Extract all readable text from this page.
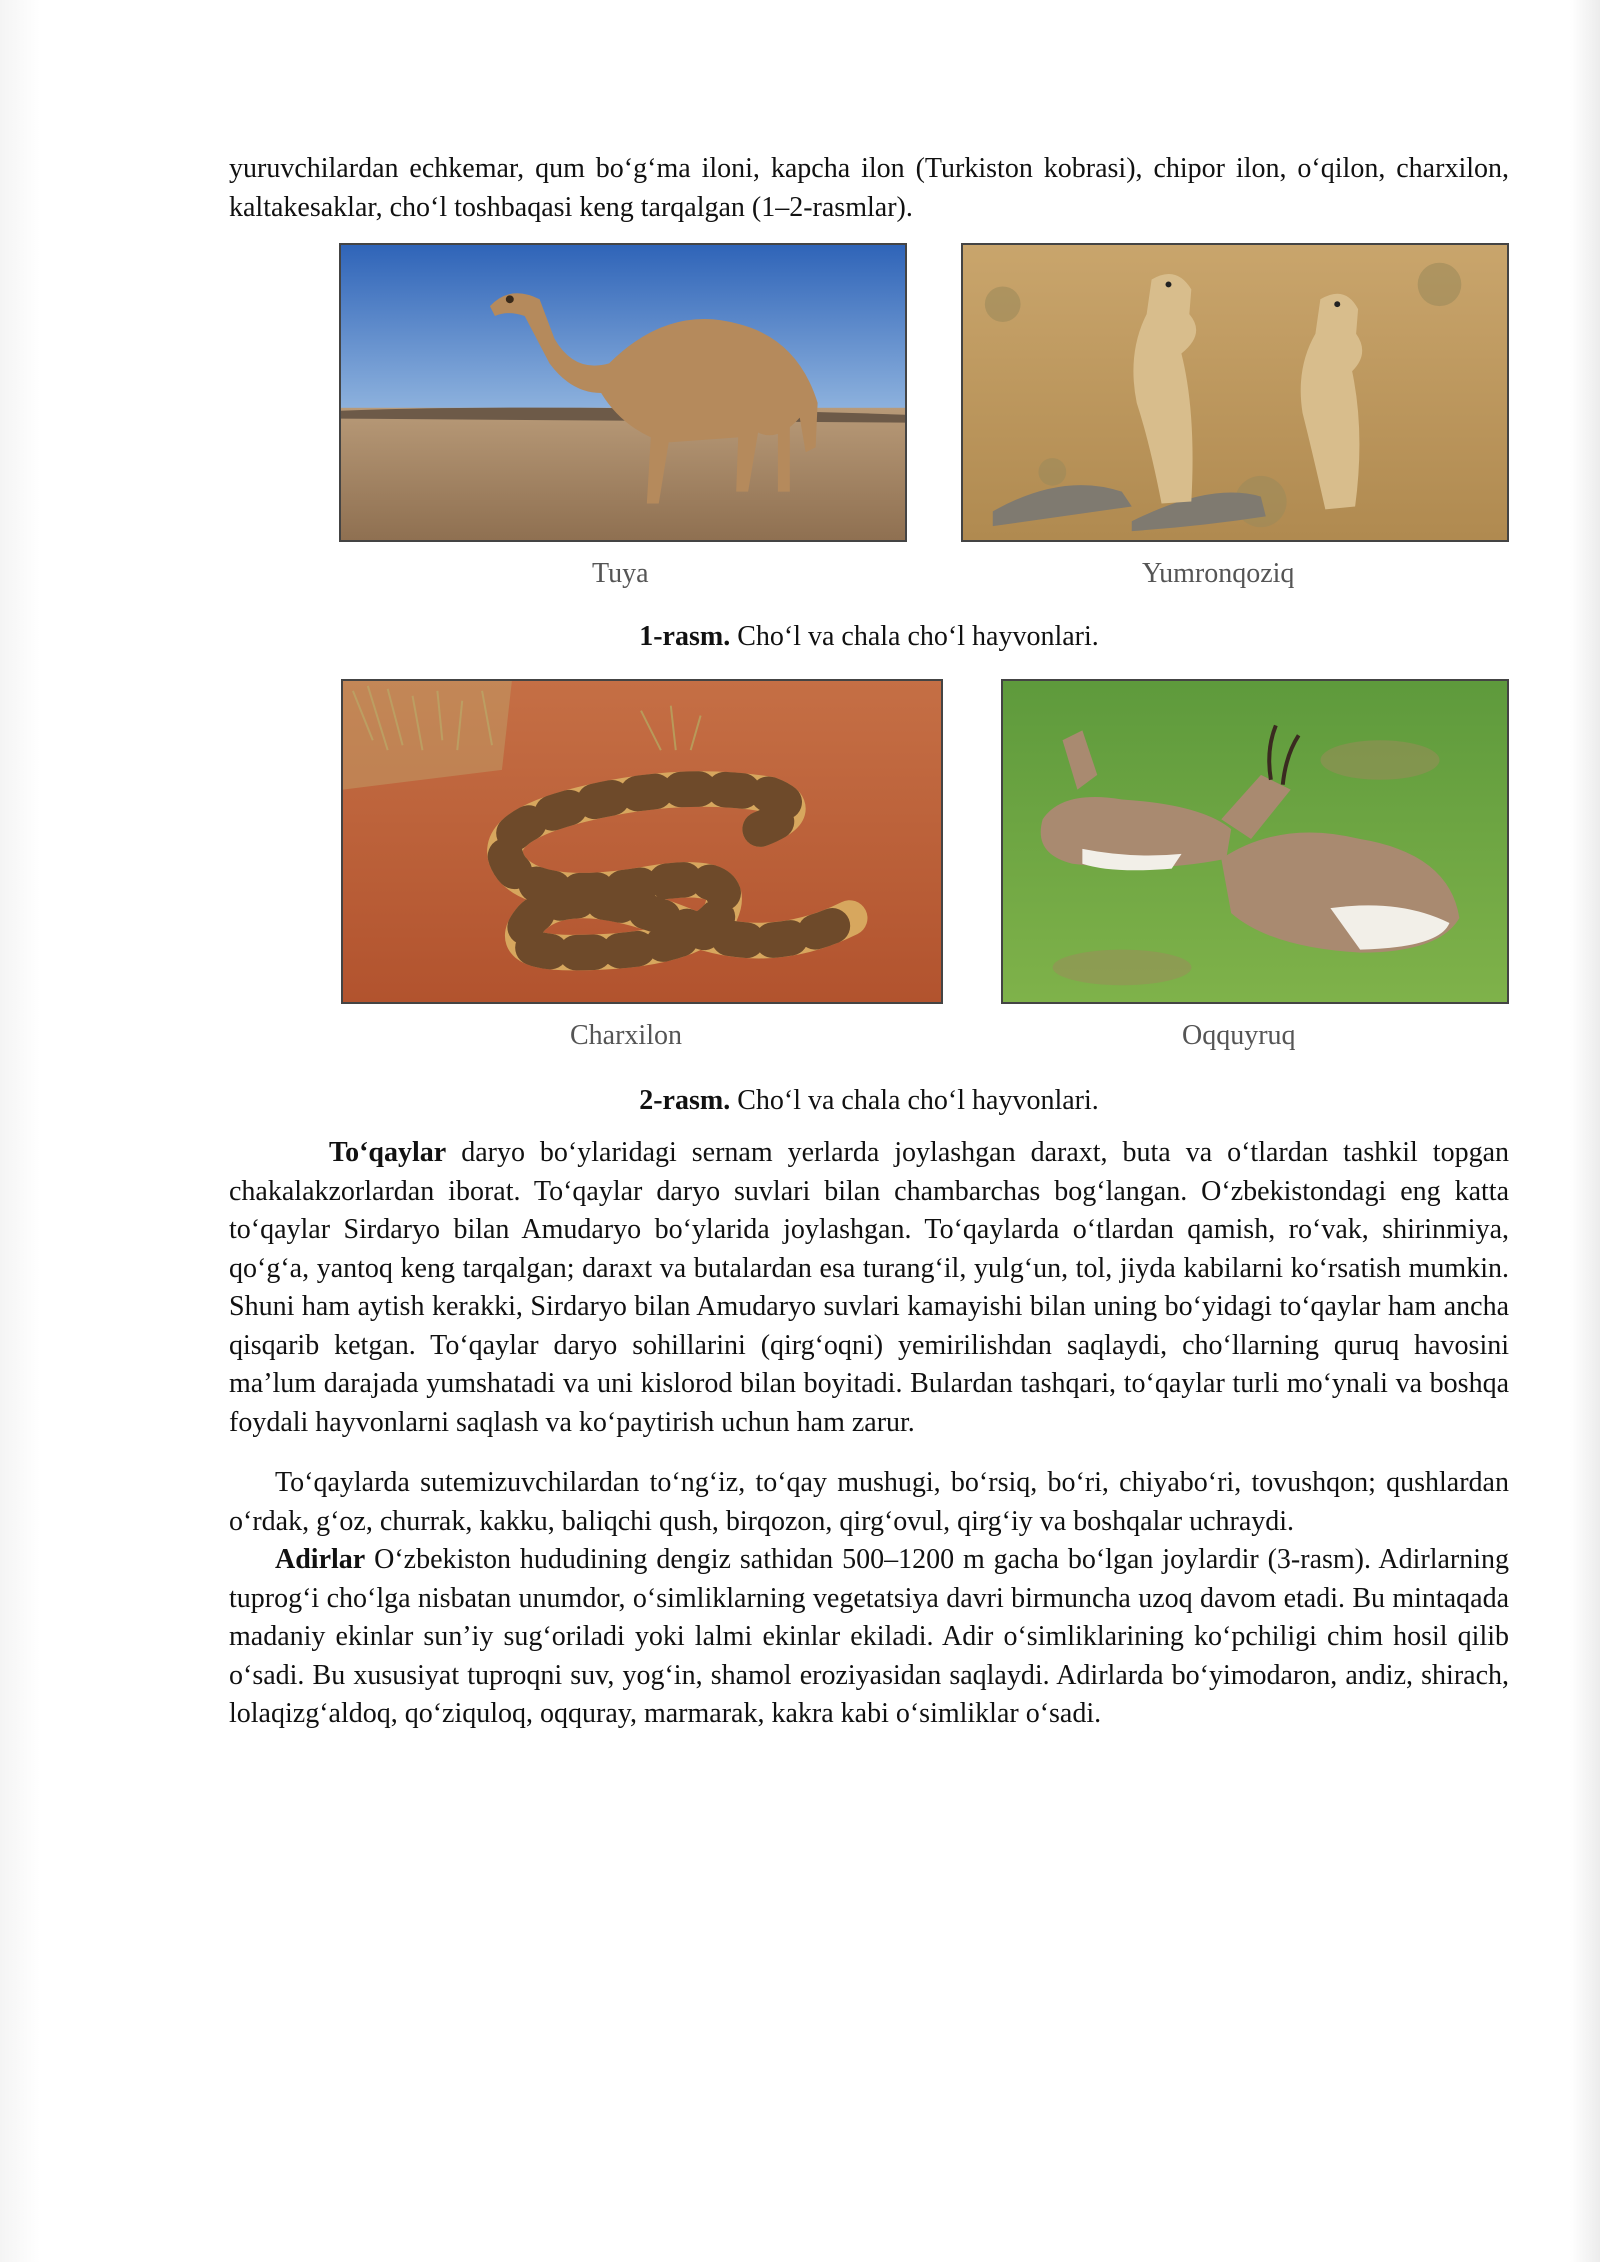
yuruvchilardan echkemar, qum bo‘g‘ma iloni, kapcha ilon (Turkiston kobrasi), chipor ilon, o‘qilon, charxilon, kaltakesaklar, cho‘l toshbaqasi keng tarqalgan (1–2-rasmlar).

Tuya	Yumronqoziq

1-rasm. Cho‘l va chala cho‘l hayvonlari.

Charxilon	Oqquyruq

2-rasm. Cho‘l va chala cho‘l hayvonlari.

To‘qaylar daryo bo‘ylaridagi sernam yerlarda joylashgan daraxt, buta va o‘tlardan tashkil topgan chakalakzorlardan iborat. To‘qaylar daryo suvlari bilan chambarchas bog‘langan. O‘zbekistondagi eng katta to‘qaylar Sirdaryo bilan Amudaryo bo‘ylarida joylashgan. To‘qaylarda o‘tlardan qamish, ro‘vak, shirinmiya, qo‘g‘a, yantoq keng tarqalgan; daraxt va butalardan esa turang‘il, yulg‘un, tol, jiyda kabilarni ko‘rsatish mumkin. Shuni ham aytish kerakki, Sirdaryo bilan Amudaryo suvlari kamayishi bilan uning bo‘yidagi to‘qaylar ham ancha qisqarib ketgan. To‘qaylar daryo sohillarini (qirg‘oqni) yemirilishdan saqlaydi, cho‘llarning quruq havosini ma’lum darajada yumshatadi va uni kislorod bilan boyitadi. Bulardan tashqari, to‘qaylar turli mo‘ynali va boshqa foydali hayvonlarni saqlash va ko‘paytirish uchun ham zarur.

To‘qaylarda sutemizuvchilardan to‘ng‘iz, to‘qay mushugi, bo‘rsiq, bo‘ri, chiyabo‘ri, tovushqon; qushlardan o‘rdak, g‘oz, churrak, kakku, baliqchi qush, birqozon, qirg‘ovul, qirg‘iy va boshqalar uchraydi.

Adirlar O‘zbekiston hududining dengiz sathidan 500–1200 m gacha bo‘lgan joylardir (3-rasm). Adirlarning tuprog‘i cho‘lga nisbatan unumdor, o‘simliklarning vegetatsiya davri birmuncha uzoq davom etadi. Bu mintaqada madaniy ekinlar sun’iy sug‘oriladi yoki lalmi ekinlar ekiladi. Adir o‘simliklarining ko‘pchiligi chim hosil qilib o‘sadi. Bu xususiyat tuproqni suv, yog‘in, shamol eroziyasidan saqlaydi. Adirlarda bo‘yimodaron, andiz, shirach, lolaqizg‘aldoq, qo‘ziquloq, oqquray, marmarak, kakra kabi o‘simliklar o‘sadi.
